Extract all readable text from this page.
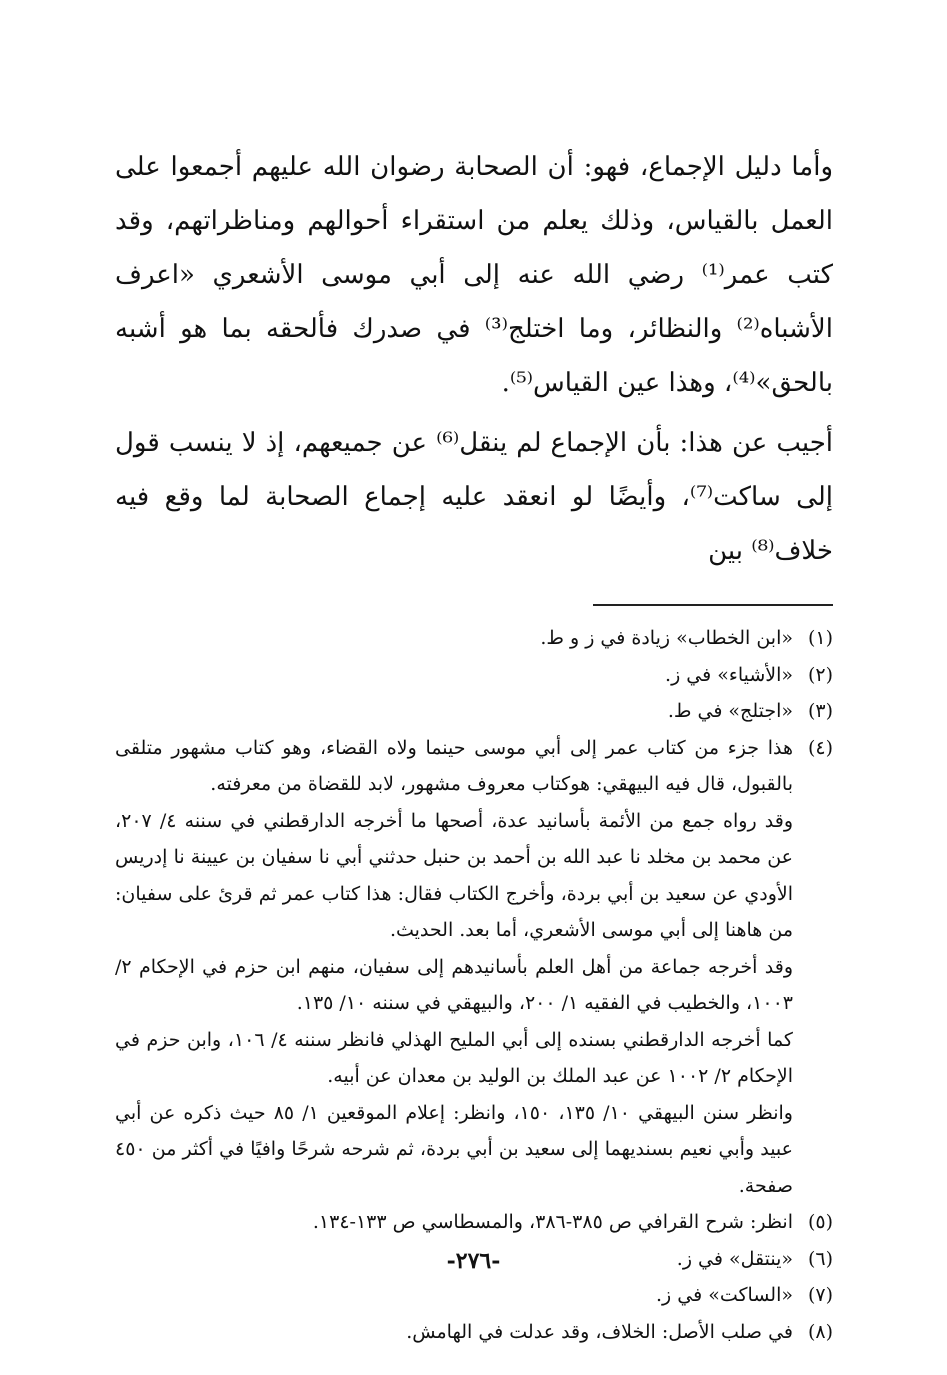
وأما دليل الإجماع، فهو: أن الصحابة رضوان الله عليهم أجمعوا على العمل بالقياس، وذلك يعلم من استقراء أحوالهم ومناظراتهم، وقد كتب عمر⁽¹⁾ رضي الله عنه إلى أبي موسى الأشعري «اعرف الأشباه⁽²⁾ والنظائر، وما اختلج⁽³⁾ في صدرك فألحقه بما هو أشبه بالحق»⁽⁴⁾، وهذا عين القياس⁽⁵⁾.

أجيب عن هذا: بأن الإجماع لم ينقل⁽⁶⁾ عن جميعهم، إذ لا ينسب قول إلى ساكت⁽⁷⁾، وأيضًا لو انعقد عليه إجماع الصحابة لما وقع فيه خلاف⁽⁸⁾ بين

(١)

«ابن الخطاب» زيادة في ز و ط.

(٢)

«الأشياء» في ز.

(٣)

«اجتلج» في ط.

(٤)

هذا جزء من كتاب عمر إلى أبي موسى حينما ولاه القضاء، وهو كتاب مشهور متلقى بالقبول، قال فيه البيهقي: هوكتاب معروف مشهور، لابد للقضاة من معرفته.

وقد رواه جمع من الأئمة بأسانيد عدة، أصحها ما أخرجه الدارقطني في سننه ٤/ ٢٠٧، عن محمد بن مخلد نا عبد الله بن أحمد بن حنبل حدثني أبي نا سفيان بن عيينة نا إدريس الأودي عن سعيد بن أبي بردة، وأخرج الكتاب فقال: هذا كتاب عمر ثم قرئ على سفيان: من هاهنا إلى أبي موسى الأشعري، أما بعد. الحديث.

وقد أخرجه جماعة من أهل العلم بأسانيدهم إلى سفيان، منهم ابن حزم في الإحكام ٢/ ١٠٠٣، والخطيب في الفقيه ١/ ٢٠٠، والبيهقي في سننه ١٠/ ١٣٥.

كما أخرجه الدارقطني بسنده إلى أبي المليح الهذلي فانظر سننه ٤/ ١٠٦، وابن حزم في الإحكام ٢/ ١٠٠٢ عن عبد الملك بن الوليد بن معدان عن أبيه.

وانظر سنن البيهقي ١٠/ ١٣٥، ١٥٠، وانظر: إعلام الموقعين ١/ ٨٥ حيث ذكره عن أبي عبيد وأبي نعيم بسنديهما إلى سعيد بن أبي بردة، ثم شرحه شرحًا وافيًا في أكثر من ٤٥٠ صفحة.

(٥)

انظر: شرح القرافي ص ٣٨٥-٣٨٦، والمسطاسي ص ١٣٣-١٣٤.

(٦)

«ينتقل» في ز.

(٧)

«الساكت» في ز.

(٨)

في صلب الأصل: الخلاف، وقد عدلت في الهامش.

-٢٧٦-
